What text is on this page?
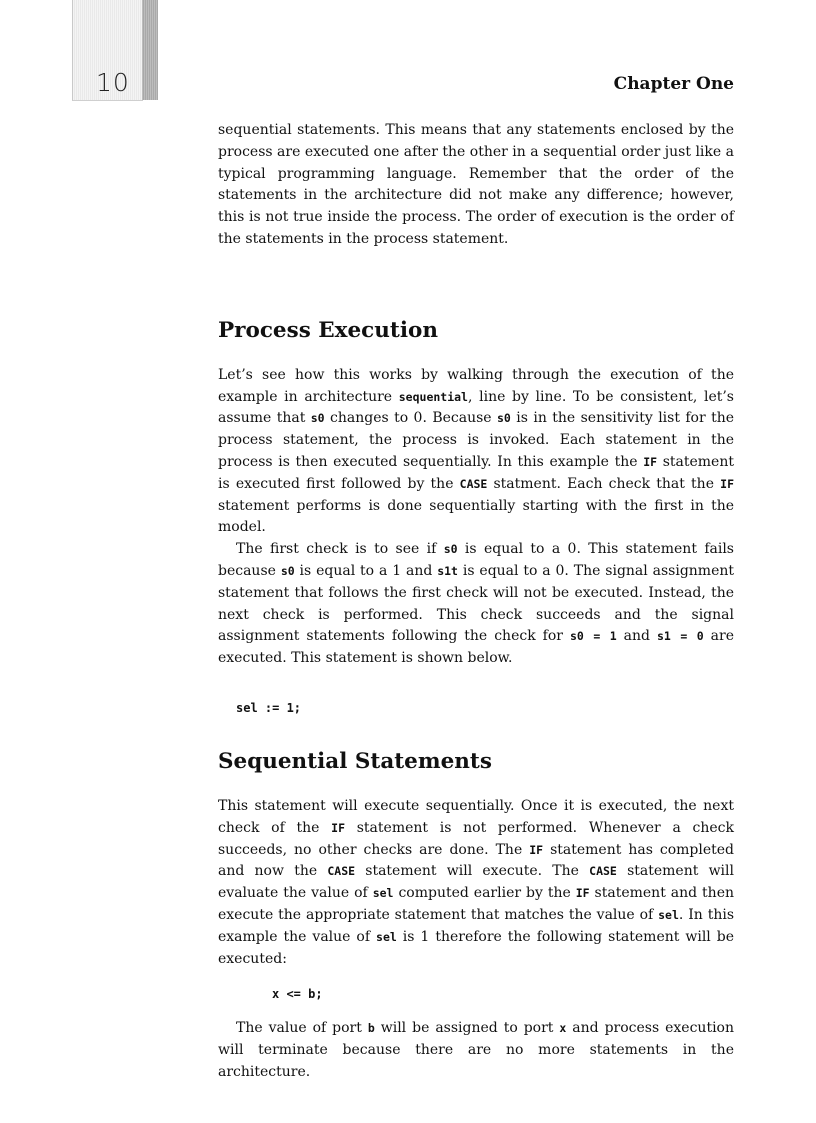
10	Chapter One

sequential statements. This means that any statements enclosed by the process are executed one after the other in a sequential order just like a typical programming language. Remember that the order of the statements in the architecture did not make any difference; however, this is not true inside the process. The order of execution is the order of the statements in the process statement.

Process Execution

Let’s see how this works by walking through the execution of the example in architecture sequential, line by line. To be consistent, let’s assume that s0 changes to 0. Because s0 is in the sensitivity list for the process statement, the process is invoked. Each statement in the process is then executed sequentially. In this example the IF statement is executed first followed by the CASE statment. Each check that the IF statement performs is done sequentially starting with the first in the model.

The first check is to see if s0 is equal to a 0. This statement fails because s0 is equal to a 1 and s1t is equal to a 0. The signal assignment statement that follows the first check will not be executed. Instead, the next check is performed. This check succeeds and the signal assignment statements following the check for s0 = 1 and s1 = 0 are executed. This statement is shown below.

sel := 1;
Sequential Statements

This statement will execute sequentially. Once it is executed, the next check of the IF statement is not performed. Whenever a check succeeds, no other checks are done. The IF statement has completed and now the CASE statement will execute. The CASE statement will evaluate the value of sel computed earlier by the IF statement and then execute the appropriate statement that matches the value of sel. In this example the value of sel is 1 therefore the following statement will be executed:

x <= b;

The value of port b will be assigned to port x and process execution will terminate because there are no more statements in the architecture.
